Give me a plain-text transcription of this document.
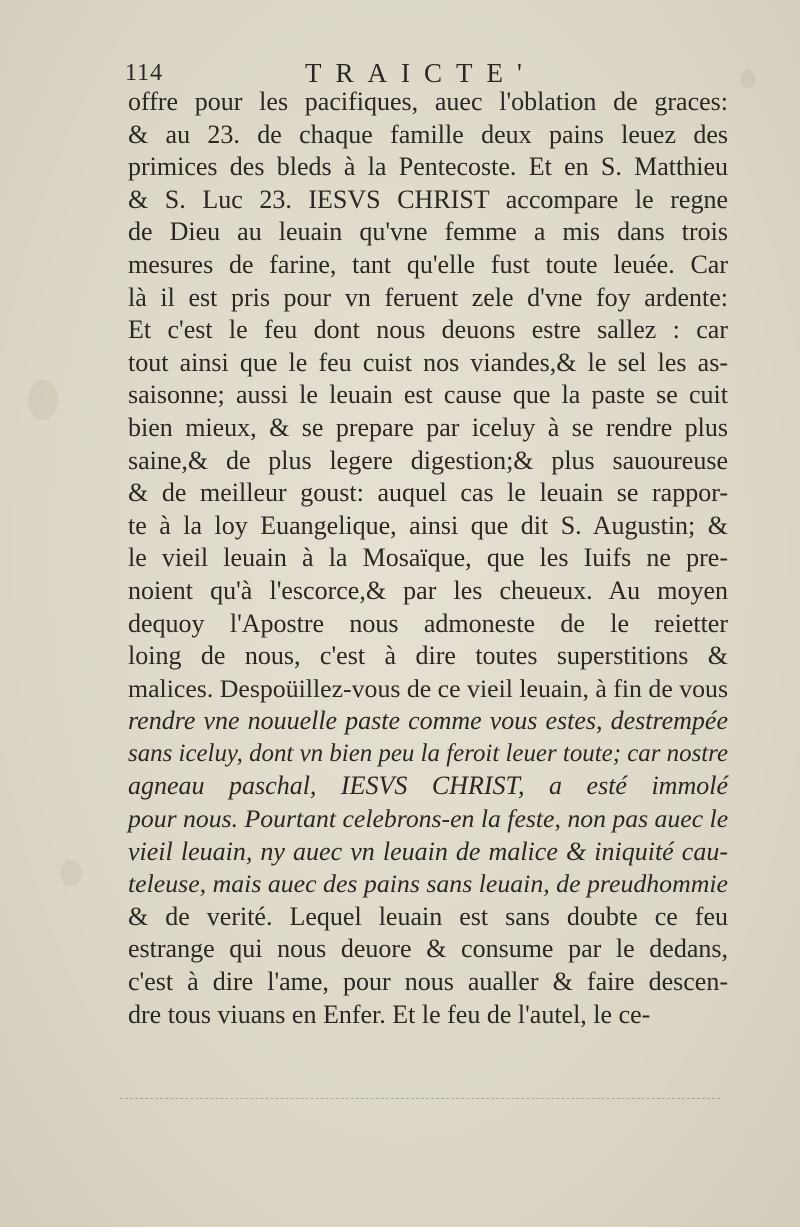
114	TRAICTE'
offre pour les pacifiques, auec l'oblation de graces:
& au 23. de chaque famille deux pains leuez des
primices des bleds à la Pentecoste. Et en S. Matthieu
& S. Luc 23. IESVS CHRIST accompare le regne
de Dieu au leuain qu'vne femme a mis dans trois
mesures de farine, tant qu'elle fust toute leuée. Car
là il est pris pour vn feruent zele d'vne foy ardente:
Et c'est le feu dont nous deuons estre sallez : car
tout ainsi que le feu cuist nos viandes,& le sel les as-
saisonne; aussi le leuain est cause que la paste se cuit
bien mieux, & se prepare par iceluy à se rendre plus
saine,& de plus legere digestion;& plus sauoureuse
& de meilleur goust: auquel cas le leuain se rappor-
te à la loy Euangelique, ainsi que dit S. Augustin; &
le vieil leuain à la Mosaïque, que les Iuifs ne pre-
noient qu'à l'escorce,& par les cheueux. Au moyen
dequoy l'Apostre nous admoneste de le reietter
loing de nous, c'est à dire toutes superstitions &
malices. Despoüillez-vous de ce vieil leuain, à fin de vous
rendre vne nouuelle paste comme vous estes, destrempée
sans iceluy, dont vn bien peu la feroit leuer toute; car nostre
agneau paschal, IESVS CHRIST, a esté immolé
pour nous. Pourtant celebrons-en la feste, non pas auec le
vieil leuain, ny auec vn leuain de malice & iniquité cau-
teleuse, mais auec des pains sans leuain, de preudhommie
& de verité. Lequel leuain est sans doubte ce feu
estrange qui nous deuore & consume par le dedans,
c'est à dire l'ame, pour nous aualler & faire descen-
dre tous viuans en Enfer. Et le feu de l'autel, le ce-
